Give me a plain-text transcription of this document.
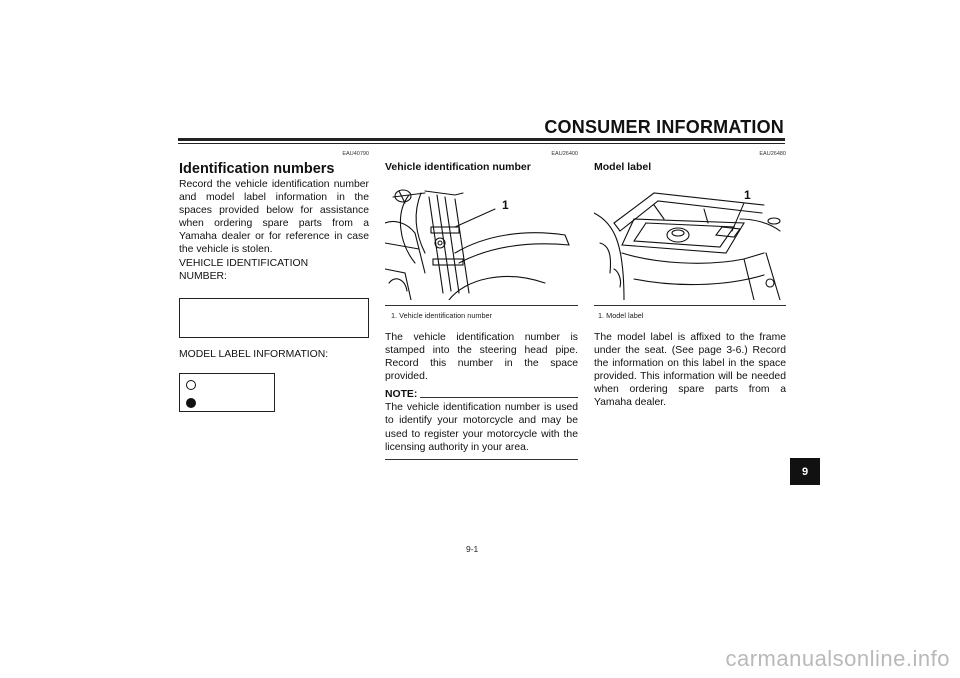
CONSUMER INFORMATION
EAU40790
Identification numbers
Record the vehicle identification number and model label information in the spaces provided below for assistance when ordering spare parts from a Yamaha dealer or for reference in case the vehicle is stolen.
VEHICLE IDENTIFICATION
NUMBER:
MODEL LABEL INFORMATION:
EAU26400
Vehicle identification number
1
1. Vehicle identification number
The vehicle identification number is stamped into the steering head pipe. Record this number in the space provided.
NOTE:
The vehicle identification number is used to identify your motorcycle and may be used to register your motorcycle with the licensing authority in your area.
EAU26480
Model label
1
1. Model label
The model label is affixed to the frame under the seat. (See page 3-6.) Record the information on this label in the space provided. This information will be needed when ordering spare parts from a Yamaha dealer.
9
9-1
carmanualsonline.info
